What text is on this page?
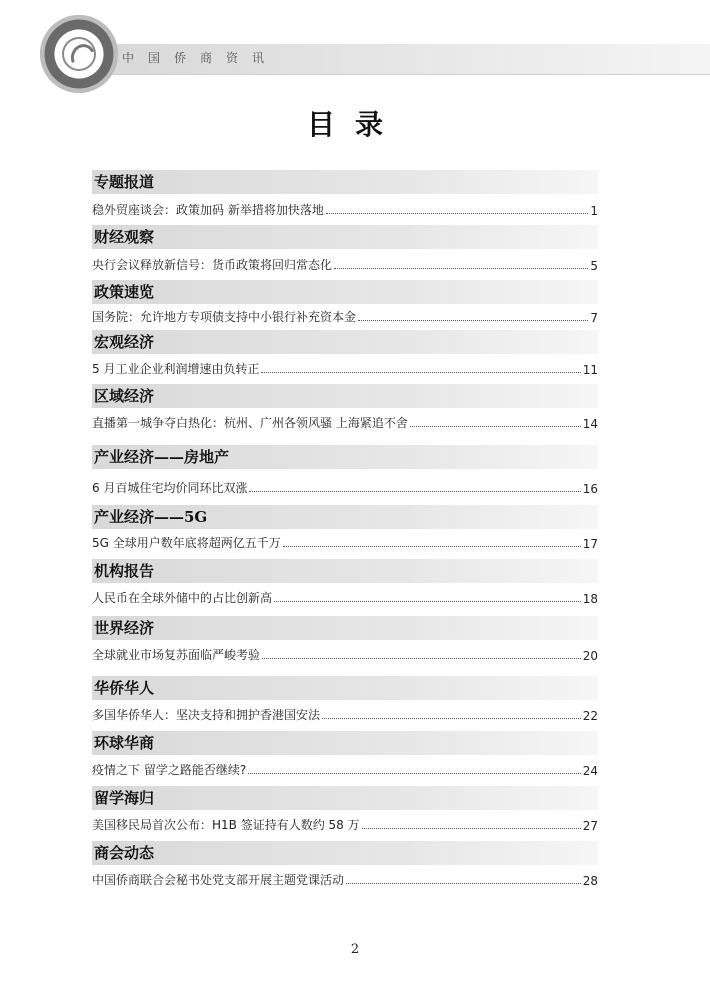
中国侨商资讯
目录
专题报道
稳外贸座谈会：政策加码 新举措将加快落地	1
财经观察
央行会议释放新信号：货币政策将回归常态化	5
政策速览
国务院：允许地方专项债支持中小银行补充资本金	7
宏观经济
5 月工业企业利润增速由负转正	11
区域经济
直播第一城争夺白热化：杭州、广州各领风骚 上海紧追不舍	14
产业经济——房地产
6 月百城住宅均价同环比双涨	16
产业经济——5G
5G 全球用户数年底将超两亿五千万	17
机构报告
人民币在全球外储中的占比创新高	18
世界经济
全球就业市场复苏面临严峻考验	20
华侨华人
多国华侨华人：坚决支持和拥护香港国安法	22
环球华商
疫情之下 留学之路能否继续?	24
留学海归
美国移民局首次公布：H1B 签证持有人数约 58 万	27
商会动态
中国侨商联合会秘书处党支部开展主题党课活动	28
2
